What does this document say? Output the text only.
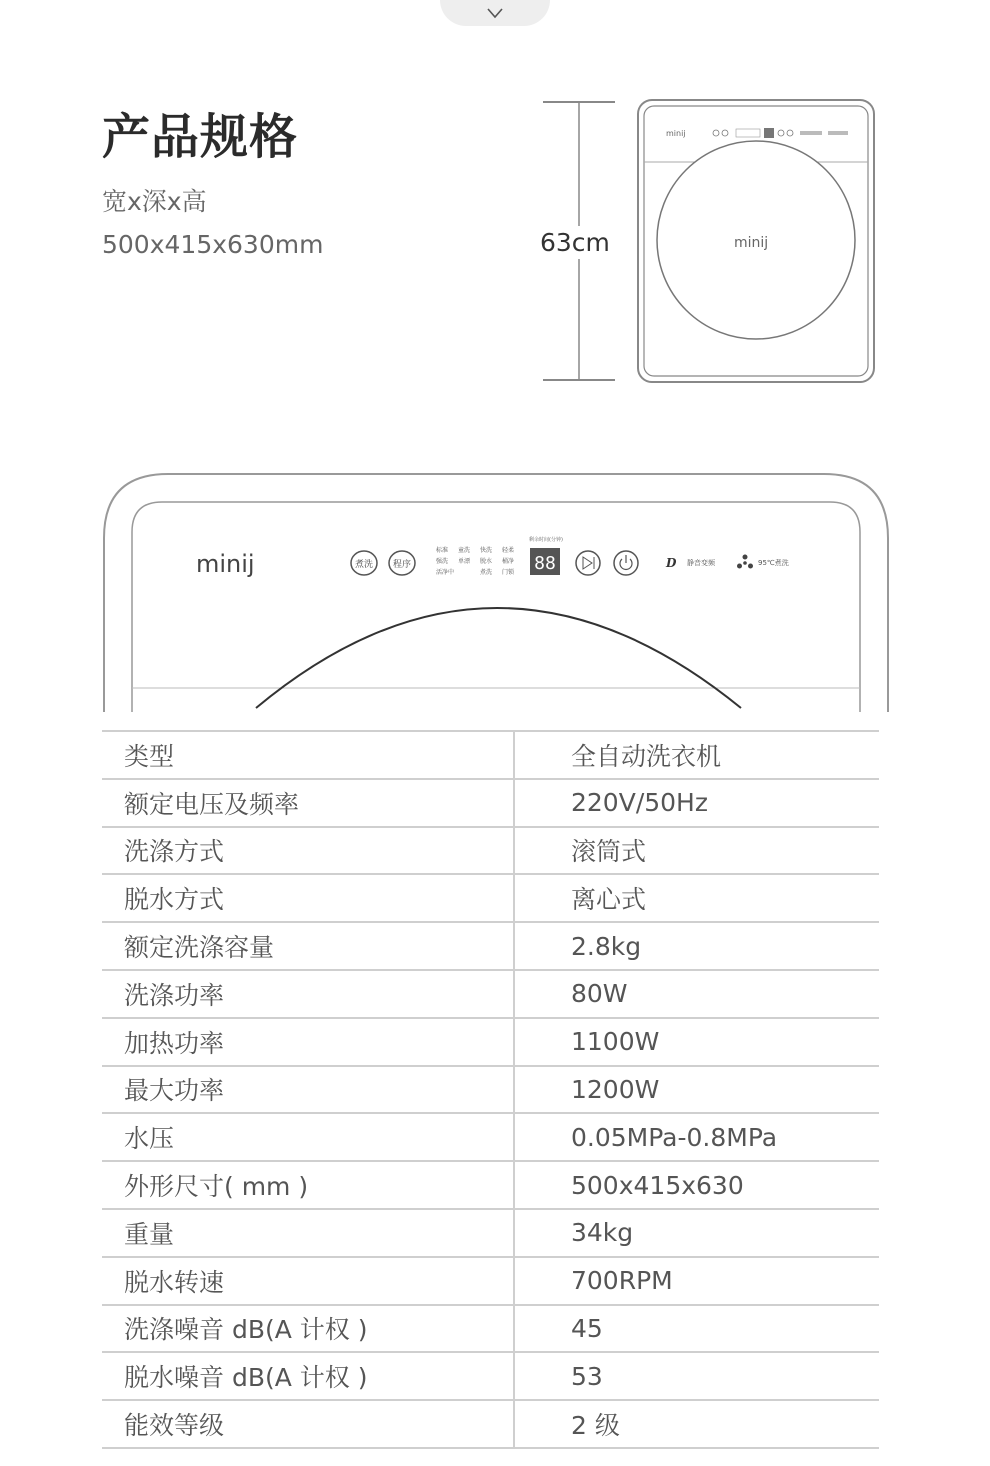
产品规格
宽x深x高
500x415x630mm	63cm
minij
minij
minij	煮洗 程序
标准 童洗 快洗 轻柔
强洗 单漂 脱水 桶净
活净中	煮洗 门锁
剩余时间(分钟)
88	D 静音变频	95℃煮洗
类型	全自动洗衣机
额定电压及频率	220V/50Hz
洗涤方式	滚筒式
脱水方式	离心式
额定洗涤容量	2.8kg
洗涤功率	80W
加热功率	1100W
最大功率	1200W
水压	0.05MPa-0.8MPa
外形尺寸( mm )	500x415x630
重量	34kg
脱水转速	700RPM
洗涤噪音 dB(A 计权 )	45
脱水噪音 dB(A 计权 )	53
能效等级	2 级
